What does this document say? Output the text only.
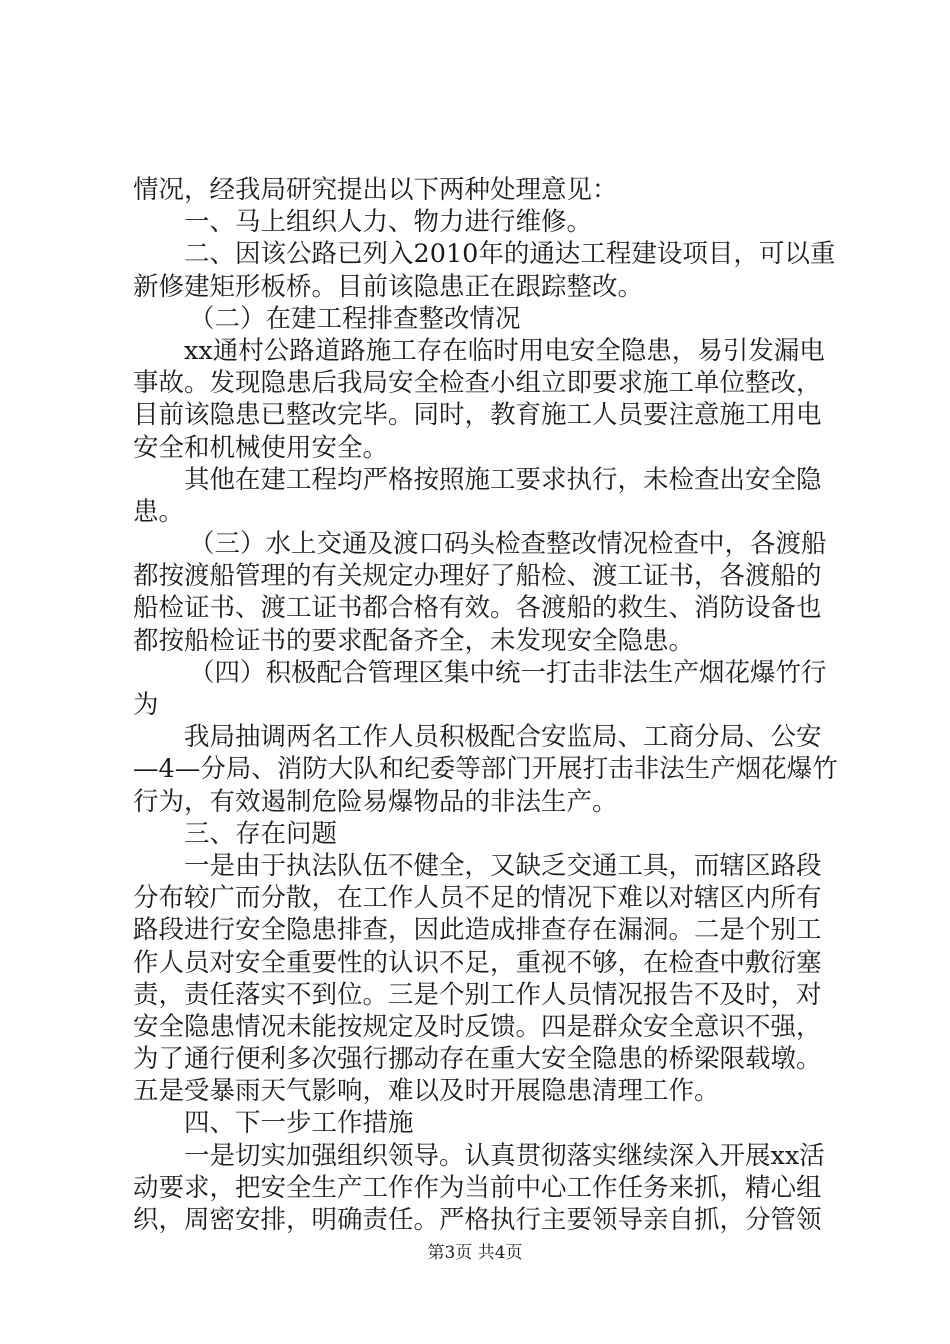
情况，经我局研究提出以下两种处理意见：
一、马上组织人力、物力进行维修。
二、因该公路已列入2010年的通达工程建设项目，可以重
新修建矩形板桥。目前该隐患正在跟踪整改。
（二）在建工程排查整改情况
xx通村公路道路施工存在临时用电安全隐患，易引发漏电
事故。发现隐患后我局安全检查小组立即要求施工单位整改，
目前该隐患已整改完毕。同时，教育施工人员要注意施工用电
安全和机械使用安全。
其他在建工程均严格按照施工要求执行，未检查出安全隐
患。
（三）水上交通及渡口码头检查整改情况检查中，各渡船
都按渡船管理的有关规定办理好了船检、渡工证书，各渡船的
船检证书、渡工证书都合格有效。各渡船的救生、消防设备也
都按船检证书的要求配备齐全，未发现安全隐患。
（四）积极配合管理区集中统一打击非法生产烟花爆竹行
为
我局抽调两名工作人员积极配合安监局、工商分局、公安
—4—分局、消防大队和纪委等部门开展打击非法生产烟花爆竹
行为，有效遏制危险易爆物品的非法生产。
三、存在问题
一是由于执法队伍不健全，又缺乏交通工具，而辖区路段
分布较广而分散，在工作人员不足的情况下难以对辖区内所有
路段进行安全隐患排查，因此造成排查存在漏洞。二是个别工
作人员对安全重要性的认识不足，重视不够，在检查中敷衍塞
责，责任落实不到位。三是个别工作人员情况报告不及时，对
安全隐患情况未能按规定及时反馈。四是群众安全意识不强，
为了通行便利多次强行挪动存在重大安全隐患的桥梁限载墩。
五是受暴雨天气影响，难以及时开展隐患清理工作。
四、下一步工作措施
一是切实加强组织领导。认真贯彻落实继续深入开展xx活
动要求，把安全生产工作作为当前中心工作任务来抓，精心组
织，周密安排，明确责任。严格执行主要领导亲自抓，分管领
第3页 共4页
